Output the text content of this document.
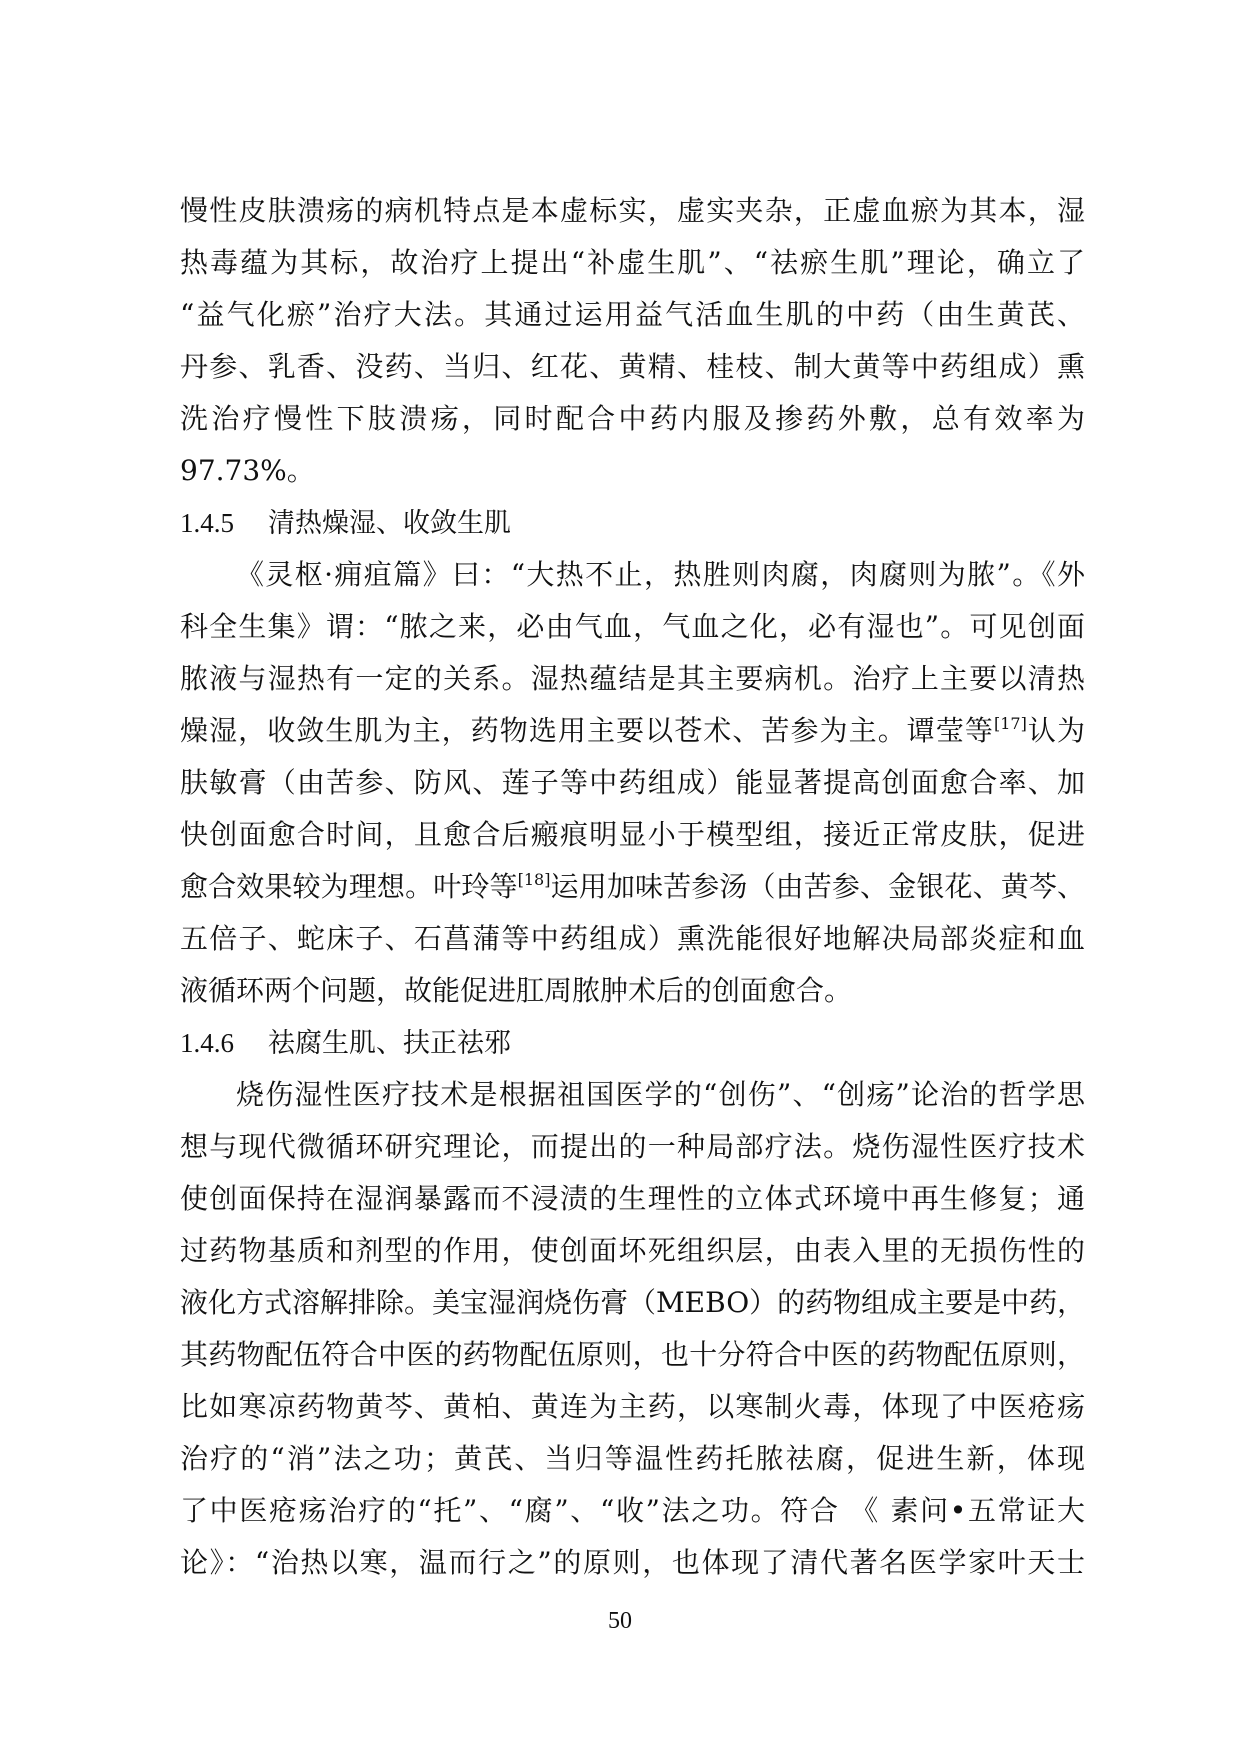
慢性皮肤溃疡的病机特点是本虚标实，虚实夹杂，正虚血瘀为其本，湿
热毒蕴为其标，故治疗上提出“补虚生肌”、“祛瘀生肌”理论，确立了
“益气化瘀”治疗大法。其通过运用益气活血生肌的中药（由生黄芪、
丹参、乳香、没药、当归、红花、黄精、桂枝、制大黄等中药组成）熏
洗治疗慢性下肢溃疡，同时配合中药内服及掺药外敷，总有效率为
97.73%。
1.4.5 清热燥湿、收敛生肌
《灵枢·痈疽篇》曰：“大热不止，热胜则肉腐，肉腐则为脓”。《外
科全生集》谓：“脓之来，必由气血，气血之化，必有湿也”。可见创面
脓液与湿热有一定的关系。湿热蕴结是其主要病机。治疗上主要以清热
燥湿，收敛生肌为主，药物选用主要以苍术、苦参为主。谭莹等[17]认为
肤敏膏（由苦参、防风、莲子等中药组成）能显著提高创面愈合率、加
快创面愈合时间，且愈合后瘢痕明显小于模型组，接近正常皮肤，促进
愈合效果较为理想。叶玲等[18]运用加味苦参汤（由苦参、金银花、黄芩、
五倍子、蛇床子、石菖蒲等中药组成）熏洗能很好地解决局部炎症和血
液循环两个问题，故能促进肛周脓肿术后的创面愈合。
1.4.6 祛腐生肌、扶正祛邪
烧伤湿性医疗技术是根据祖国医学的“创伤”、“创疡”论治的哲学思
想与现代微循环研究理论，而提出的一种局部疗法。烧伤湿性医疗技术
使创面保持在湿润暴露而不浸渍的生理性的立体式环境中再生修复；通
过药物基质和剂型的作用，使创面坏死组织层，由表入里的无损伤性的
液化方式溶解排除。美宝湿润烧伤膏（MEBO）的药物组成主要是中药，
其药物配伍符合中医的药物配伍原则，也十分符合中医的药物配伍原则，
比如寒凉药物黄芩、黄柏、黄连为主药，以寒制火毒，体现了中医疮疡
治疗的“消”法之功；黄芪、当归等温性药托脓祛腐，促进生新，体现
了中医疮疡治疗的“托”、“腐”、“收”法之功。符合 《 素问•五常证大
论》：“治热以寒，温而行之”的原则，也体现了清代著名医学家叶天士
50
